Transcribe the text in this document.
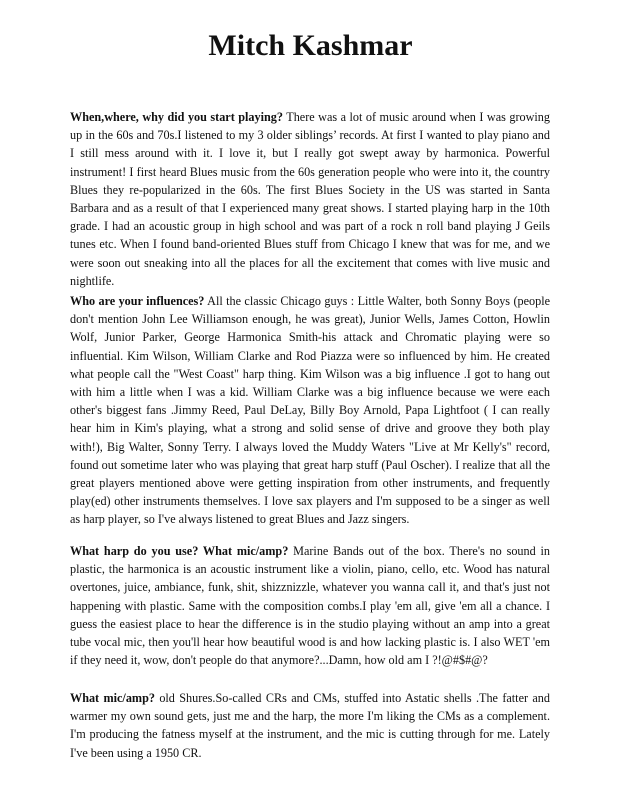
Mitch Kashmar

When,where, why did you start playing? There was a lot of music around when I was growing up in the 60s and 70s.I listened to my 3 older siblings’ records. At first I wanted to play piano and I still mess around with it. I love it, but I really got swept away by harmonica. Powerful instrument! I first heard Blues music from the 60s generation people who were into it, the country Blues they re-popularized in the 60s. The first Blues Society in the US was started in Santa Barbara and as a result of that I experienced many great shows. I started playing harp in the 10th grade. I had an acoustic group in high school and was part of a rock n roll band playing J Geils tunes etc. When I found band-oriented Blues stuff from Chicago I knew that was for me, and we were soon out sneaking into all the places for all the excitement that comes with live music and nightlife.

Who are your influences? All the classic Chicago guys : Little Walter, both Sonny Boys (people don't mention John Lee Williamson enough, he was great), Junior Wells, James Cotton, Howlin Wolf, Junior Parker, George Harmonica Smith-his attack and Chromatic playing were so influential. Kim Wilson, William Clarke and Rod Piazza were so influenced by him. He created what people call the "West Coast" harp thing. Kim Wilson was a big influence .I got to hang out with him a little when I was a kid. William Clarke was a big influence because we were each other's biggest fans .Jimmy Reed, Paul DeLay, Billy Boy Arnold, Papa Lightfoot ( I can really hear him in Kim's playing, what a strong and solid sense of drive and groove they both play with!), Big Walter, Sonny Terry. I always loved the Muddy Waters "Live at Mr Kelly's" record, found out sometime later who was playing that great harp stuff (Paul Oscher). I realize that all the great players mentioned above were getting inspiration from other instruments, and frequently play(ed) other instruments themselves. I love sax players and I'm supposed to be a singer as well as harp player, so I've always listened to great Blues and Jazz singers.

What harp do you use? What mic/amp? Marine Bands out of the box. There's no sound in plastic, the harmonica is an acoustic instrument like a violin, piano, cello, etc. Wood has natural overtones, juice, ambiance, funk, shit, shizznizzle, whatever you wanna call it, and that's just not happening with plastic. Same with the composition combs.I play 'em all, give 'em all a chance. I guess the easiest place to hear the difference is in the studio playing without an amp into a great tube vocal mic, then you'll hear how beautiful wood is and how lacking plastic is. I also WET 'em if they need it, wow, don't people do that anymore?...Damn, how old am I ?!@#$#@?

What mic/amp? old Shures.So-called CRs and CMs, stuffed into Astatic shells .The fatter and warmer my own sound gets, just me and the harp, the more I'm liking the CMs as a complement. I'm producing the fatness myself at the instrument, and the mic is cutting through for me. Lately I've been using a 1950 CR.
